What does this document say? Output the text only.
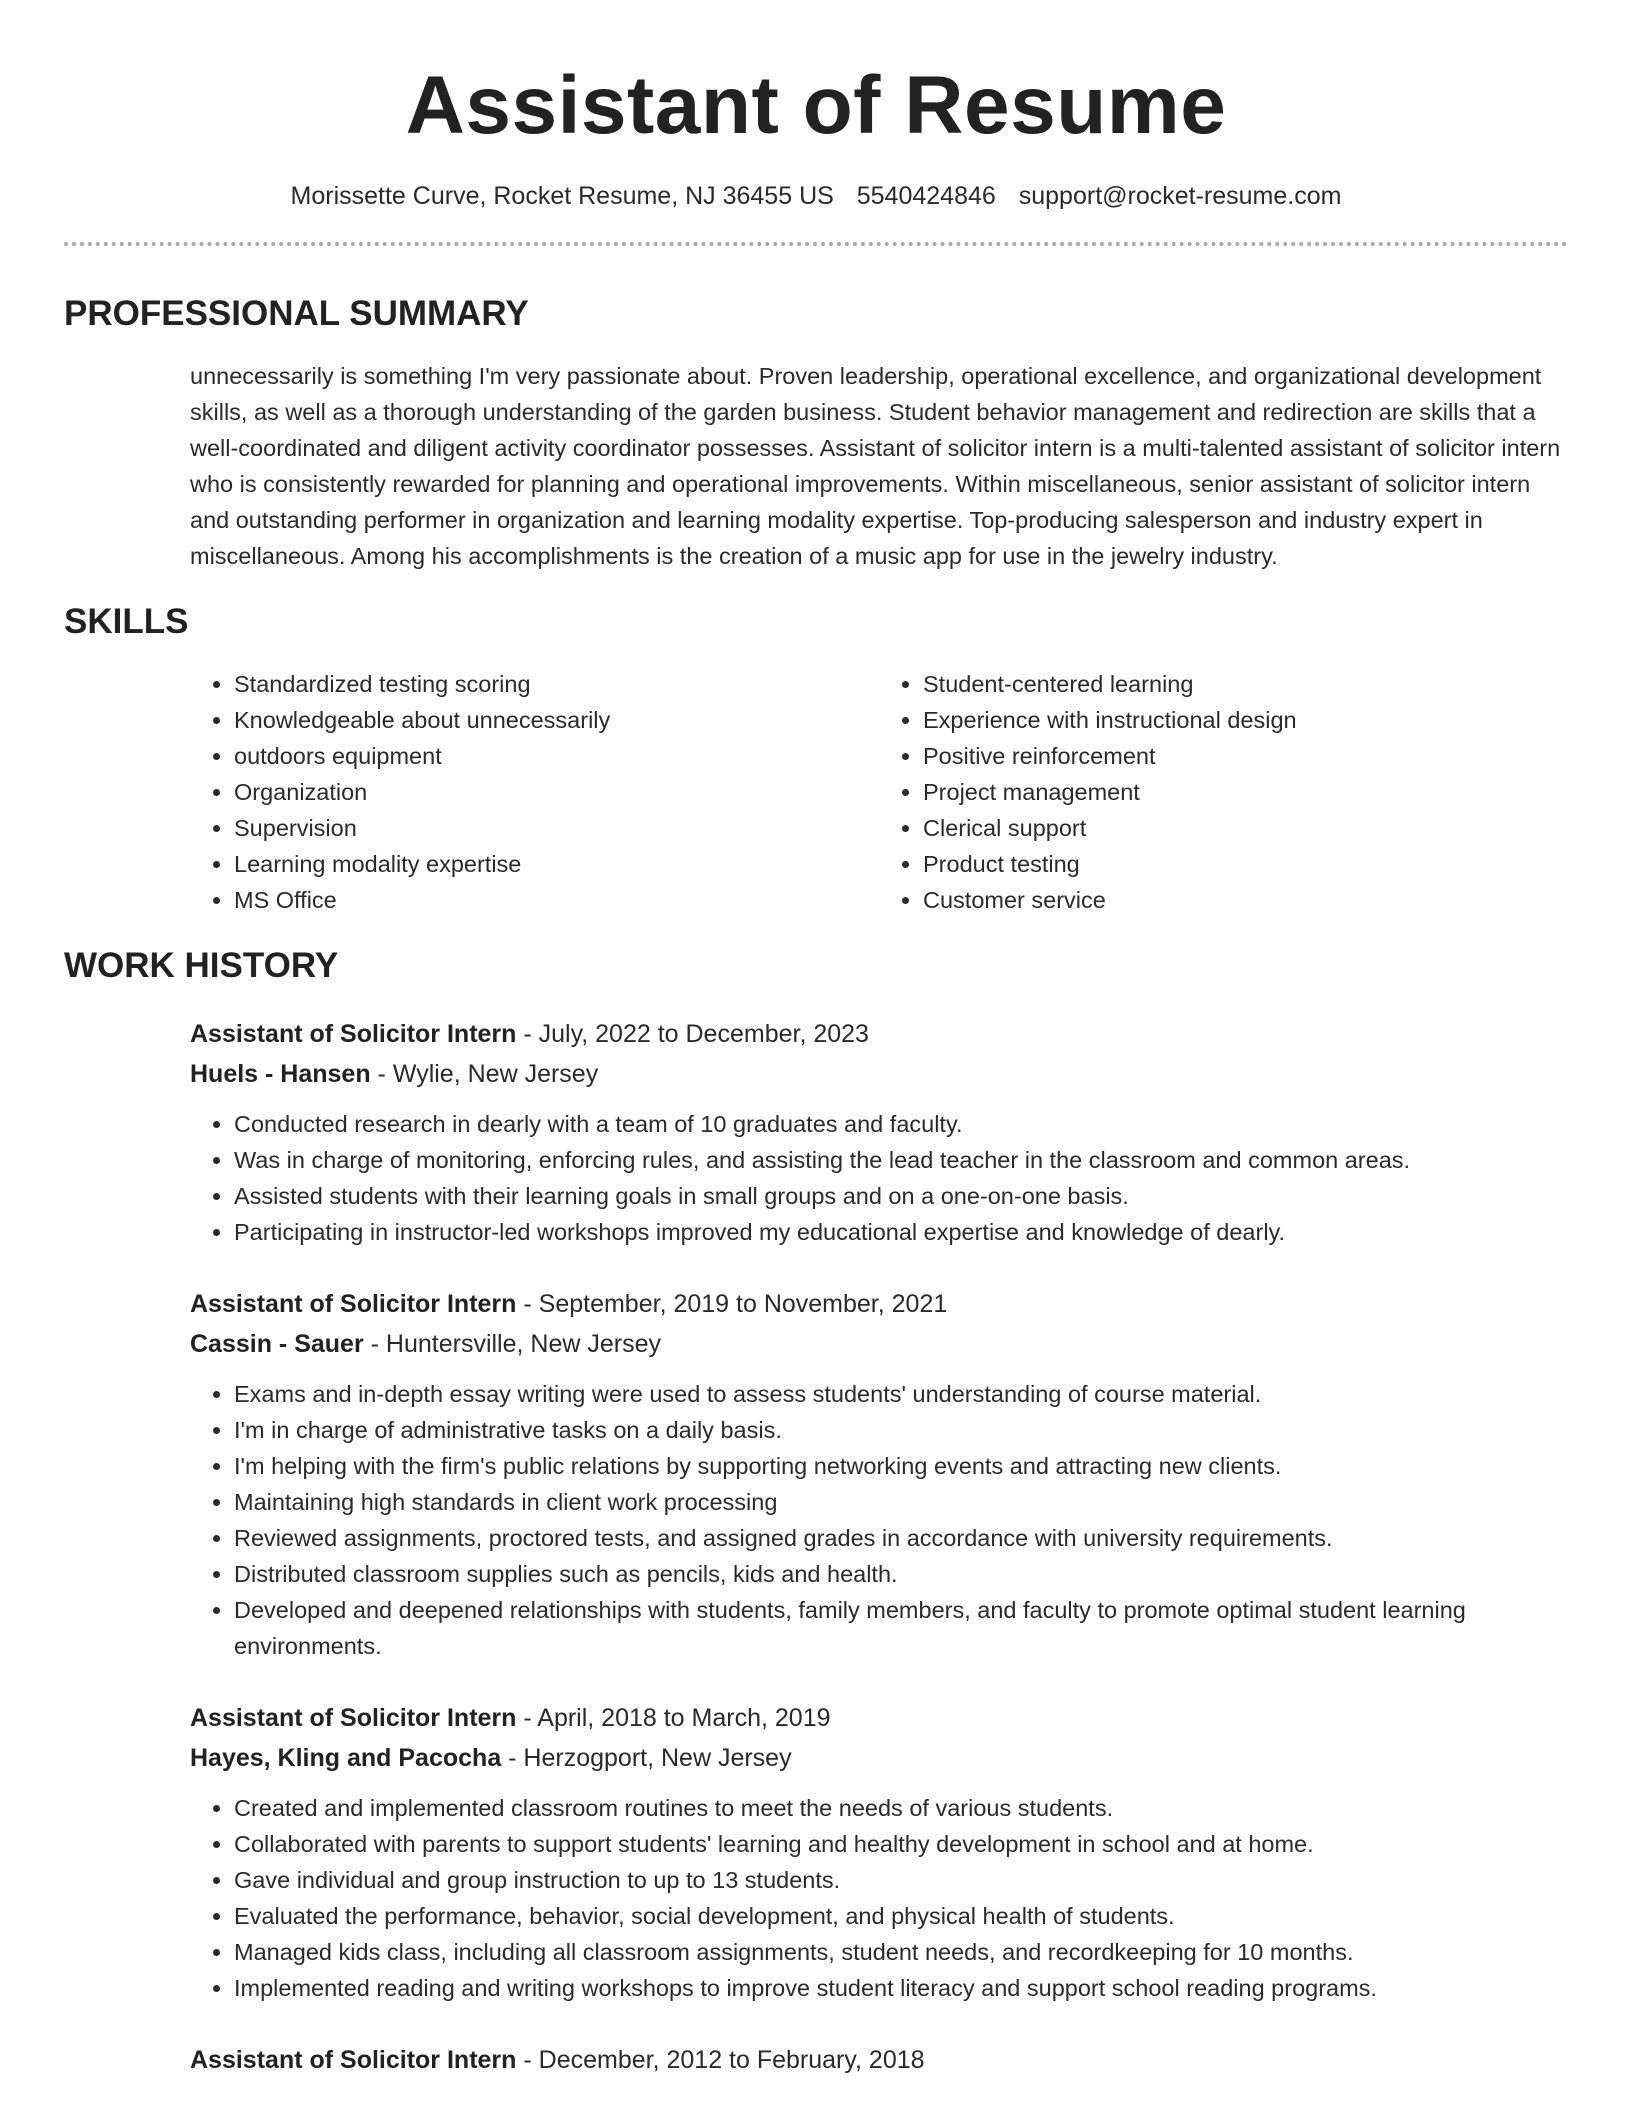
Assistant of Resume
Morissette Curve, Rocket Resume, NJ 36455 US 5540424846 support@rocket-resume.com
PROFESSIONAL SUMMARY

unnecessarily is something I'm very passionate about. Proven leadership, operational excellence, and organizational development skills, as well as a thorough understanding of the garden business. Student behavior management and redirection are skills that a well-coordinated and diligent activity coordinator possesses. Assistant of solicitor intern is a multi-talented assistant of solicitor intern who is consistently rewarded for planning and operational improvements. Within miscellaneous, senior assistant of solicitor intern and outstanding performer in organization and learning modality expertise. Top-producing salesperson and industry expert in miscellaneous. Among his accomplishments is the creation of a music app for use in the jewelry industry.

SKILLS
• Standardized testing scoring
• Knowledgeable about unnecessarily
• outdoors equipment
• Organization
• Supervision
• Learning modality expertise
• MS Office
• Student-centered learning
• Experience with instructional design
• Positive reinforcement
• Project management
• Clerical support
• Product testing
• Customer service
WORK HISTORY
Assistant of Solicitor Intern - July, 2022 to December, 2023
Huels - Hansen - Wylie, New Jersey
• Conducted research in dearly with a team of 10 graduates and faculty.
• Was in charge of monitoring, enforcing rules, and assisting the lead teacher in the classroom and common areas.
• Assisted students with their learning goals in small groups and on a one-on-one basis.
• Participating in instructor-led workshops improved my educational expertise and knowledge of dearly.
Assistant of Solicitor Intern - September, 2019 to November, 2021
Cassin - Sauer - Huntersville, New Jersey
• Exams and in-depth essay writing were used to assess students' understanding of course material.
• I'm in charge of administrative tasks on a daily basis.
• I'm helping with the firm's public relations by supporting networking events and attracting new clients.
• Maintaining high standards in client work processing
• Reviewed assignments, proctored tests, and assigned grades in accordance with university requirements.
• Distributed classroom supplies such as pencils, kids and health.
• Developed and deepened relationships with students, family members, and faculty to promote optimal student learning environments.
Assistant of Solicitor Intern - April, 2018 to March, 2019
Hayes, Kling and Pacocha - Herzogport, New Jersey
• Created and implemented classroom routines to meet the needs of various students.
• Collaborated with parents to support students' learning and healthy development in school and at home.
• Gave individual and group instruction to up to 13 students.
• Evaluated the performance, behavior, social development, and physical health of students.
• Managed kids class, including all classroom assignments, student needs, and recordkeeping for 10 months.
• Implemented reading and writing workshops to improve student literacy and support school reading programs.
Assistant of Solicitor Intern - December, 2012 to February, 2018
